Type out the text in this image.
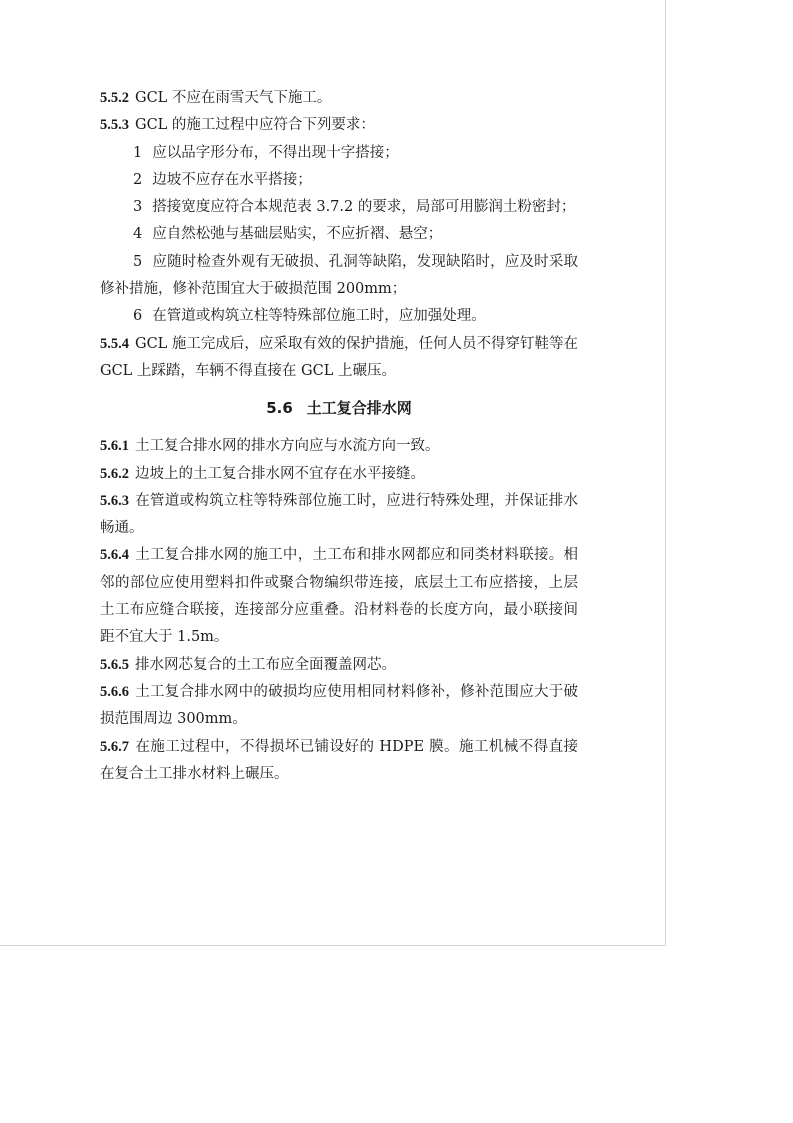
5.5.2 GCL 不应在雨雪天气下施工。

5.5.3 GCL 的施工过程中应符合下列要求：

1 应以品字形分布，不得出现十字搭接；

2 边坡不应存在水平搭接；

3 搭接宽度应符合本规范表 3.7.2 的要求，局部可用膨润土粉密封；

4 应自然松弛与基础层贴实，不应折褶、悬空；

5 应随时检查外观有无破损、孔洞等缺陷，发现缺陷时，应及时采取修补措施，修补范围宜大于破损范围 200mm；

6 在管道或构筑立柱等特殊部位施工时，应加强处理。

5.5.4 GCL 施工完成后，应采取有效的保护措施，任何人员不得穿钉鞋等在 GCL 上踩踏，车辆不得直接在 GCL 上碾压。

5.6 土工复合排水网

5.6.1 土工复合排水网的排水方向应与水流方向一致。

5.6.2 边坡上的土工复合排水网不宜存在水平接缝。

5.6.3 在管道或构筑立柱等特殊部位施工时，应进行特殊处理，并保证排水畅通。

5.6.4 土工复合排水网的施工中，土工布和排水网都应和同类材料联接。相邻的部位应使用塑料扣件或聚合物编织带连接，底层土工布应搭接，上层土工布应缝合联接，连接部分应重叠。沿材料卷的长度方向，最小联接间距不宜大于 1.5m。

5.6.5 排水网芯复合的土工布应全面覆盖网芯。

5.6.6 土工复合排水网中的破损均应使用相同材料修补，修补范围应大于破损范围周边 300mm。

5.6.7 在施工过程中，不得损坏已铺设好的 HDPE 膜。施工机械不得直接在复合土工排水材料上碾压。
